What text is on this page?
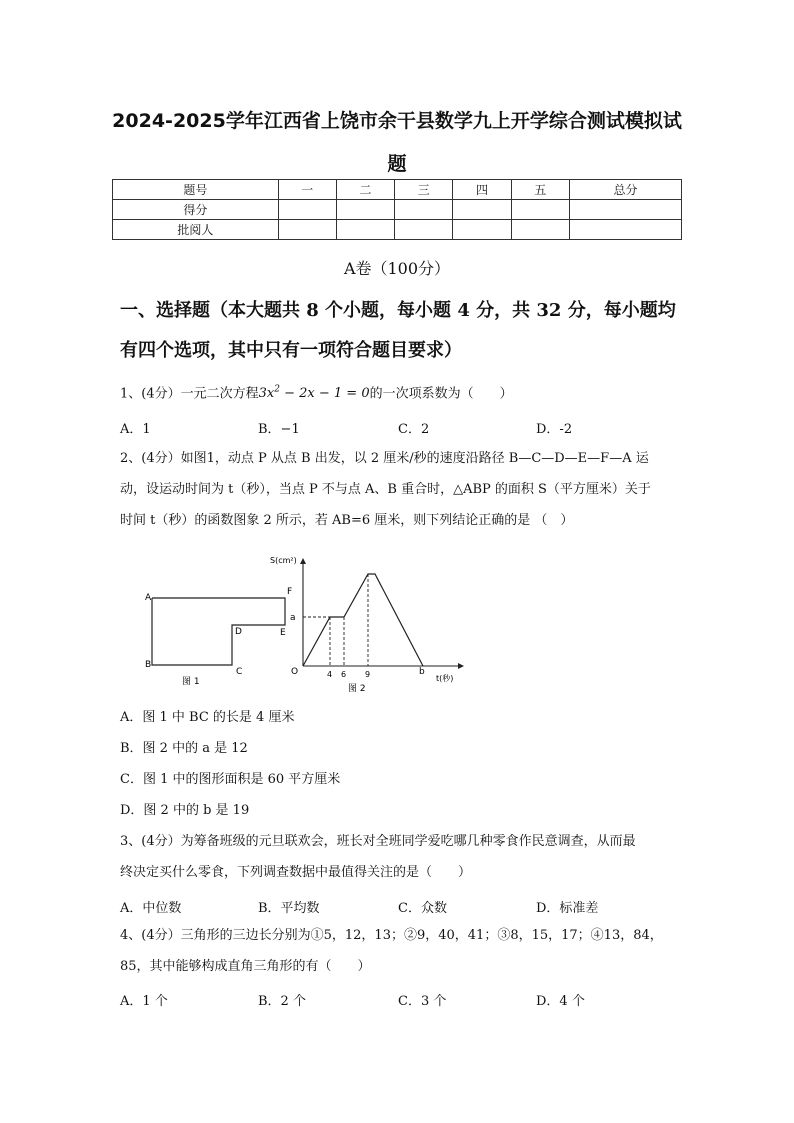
2024-2025学年江西省上饶市余干县数学九上开学综合测试模拟试
题
题号	一	二	三	四	五	总分
得分						
批阅人						
A卷（100分）
一、选择题（本大题共 8 个小题，每小题 4 分，共 32 分，每小题均
有四个选项，其中只有一项符合题目要求）
1、(4分）一元二次方程$3x^2 - 2x - 1 = 0$的一次项系数为（　　）
A．1	B．−1	C．2	D．-2
2、(4分）如图1，动点 P 从点 B 出发，以 2 厘米/秒的速度沿路径 B—C—D—E—F—A 运
动，设运动时间为 t（秒），当点 P 不与点 A、B 重合时，△ABP 的面积 S（平方厘米）关于
时间 t（秒）的函数图象 2 所示，若 AB=6 厘米，则下列结论正确的是 （　）
A
B
C
D	E
F
图 1
S(cm²)
O
t(秒)
a
4 6 9	b
图 2
A．图 1 中 BC 的长是 4 厘米
B．图 2 中的 a 是 12
C．图 1 中的图形面积是 60 平方厘米
D．图 2 中的 b 是 19
3、(4分）为筹备班级的元旦联欢会，班长对全班同学爱吃哪几种零食作民意调查，从而最
终决定买什么零食，下列调查数据中最值得关注的是（　　）
A．中位数	B．平均数	C．众数	D．标准差
4、(4分）三角形的三边长分别为①5，12，13；②9，40，41；③8，15，17；④13，84，
85，其中能够构成直角三角形的有（　　）
A．1 个	B．2 个	C．3 个	D．4 个
